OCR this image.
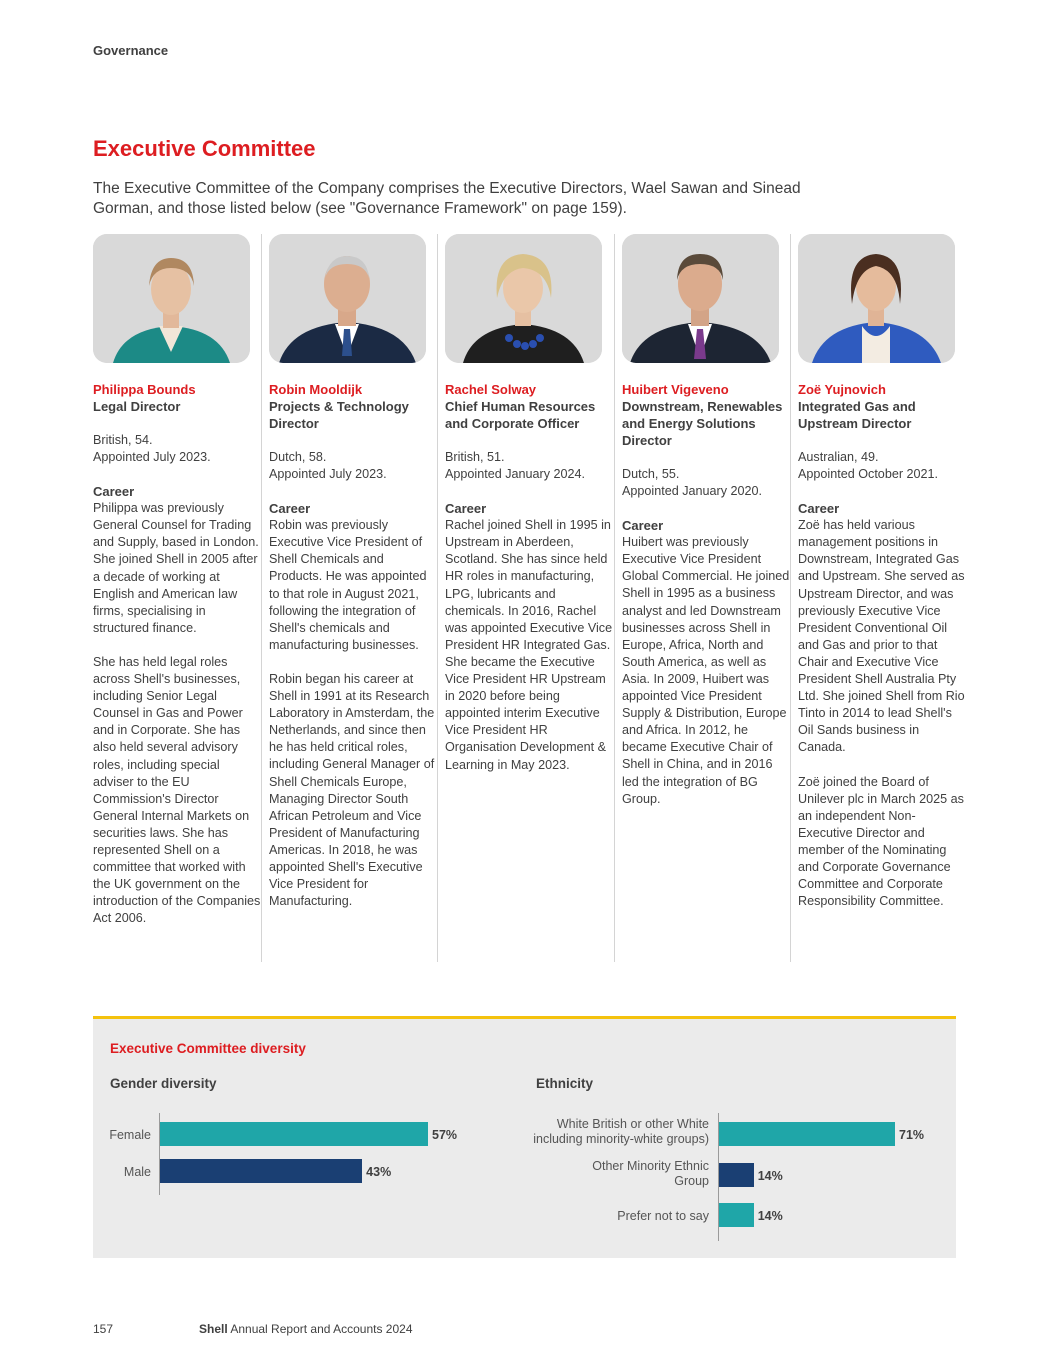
Governance
Executive Committee

The Executive Committee of the Company comprises the Executive Directors, Wael Sawan and Sinead Gorman, and those listed below (see "Governance Framework" on page 159).

Philippa Bounds
Legal Director
British, 54.
Appointed July 2023.
Career

Philippa was previously General Counsel for Trading and Supply, based in London. She joined Shell in 2005 after a decade of working at English and American law firms, specialising in structured finance.

She has held legal roles across Shell's businesses, including Senior Legal Counsel in Gas and Power and in Corporate. She has also held several advisory roles, including special adviser to the EU Commission's Director General Internal Markets on securities laws. She has represented Shell on a committee that worked with the UK government on the introduction of the Companies Act 2006.

Robin Mooldijk
Projects & Technology Director
Dutch, 58.
Appointed July 2023.
Career

Robin was previously Executive Vice President of Shell Chemicals and Products. He was appointed to that role in August 2021, following the integration of Shell's chemicals and manufacturing businesses.

Robin began his career at Shell in 1991 at its Research Laboratory in Amsterdam, the Netherlands, and since then he has held critical roles, including General Manager of Shell Chemicals Europe, Managing Director South African Petroleum and Vice President of Manufacturing Americas. In 2018, he was appointed Shell's Executive Vice President for Manufacturing.

Rachel Solway
Chief Human Resources and Corporate Officer
British, 51.
Appointed January 2024.
Career

Rachel joined Shell in 1995 in Upstream in Aberdeen, Scotland. She has since held HR roles in manufacturing, LPG, lubricants and chemicals. In 2016, Rachel was appointed Executive Vice President HR Integrated Gas. She became the Executive Vice President HR Upstream in 2020 before being appointed interim Executive Vice President HR Organisation Development & Learning in May 2023.

Huibert Vigeveno
Downstream, Renewables and Energy Solutions Director
Dutch, 55.
Appointed January 2020.
Career

Huibert was previously Executive Vice President Global Commercial. He joined Shell in 1995 as a business analyst and led Downstream businesses across Shell in Europe, Africa, North and South America, as well as Asia. In 2009, Huibert was appointed Vice President Supply & Distribution, Europe and Africa. In 2012, he became Executive Chair of Shell in China, and in 2016 led the integration of BG Group.

Zoë Yujnovich
Integrated Gas and Upstream Director
Australian, 49.
Appointed October 2021.
Career

Zoë has held various management positions in Downstream, Integrated Gas and Upstream. She served as Upstream Director, and was previously Executive Vice President Conventional Oil and Gas and prior to that Chair and Executive Vice President Shell Australia Pty Ltd. She joined Shell from Rio Tinto in 2014 to lead Shell's Oil Sands business in Canada.

Zoë joined the Board of Unilever plc in March 2025 as an independent Non-Executive Director and member of the Nominating and Corporate Governance Committee and Corporate Responsibility Committee.

Executive Committee diversity
Gender diversity
Female	57%
Male	43%
Ethnicity
White British or other White including minority-white groups)	71%
Other Minority Ethnic Group	14%
Prefer not to say	14%
157	Shell Annual Report and Accounts 2024
